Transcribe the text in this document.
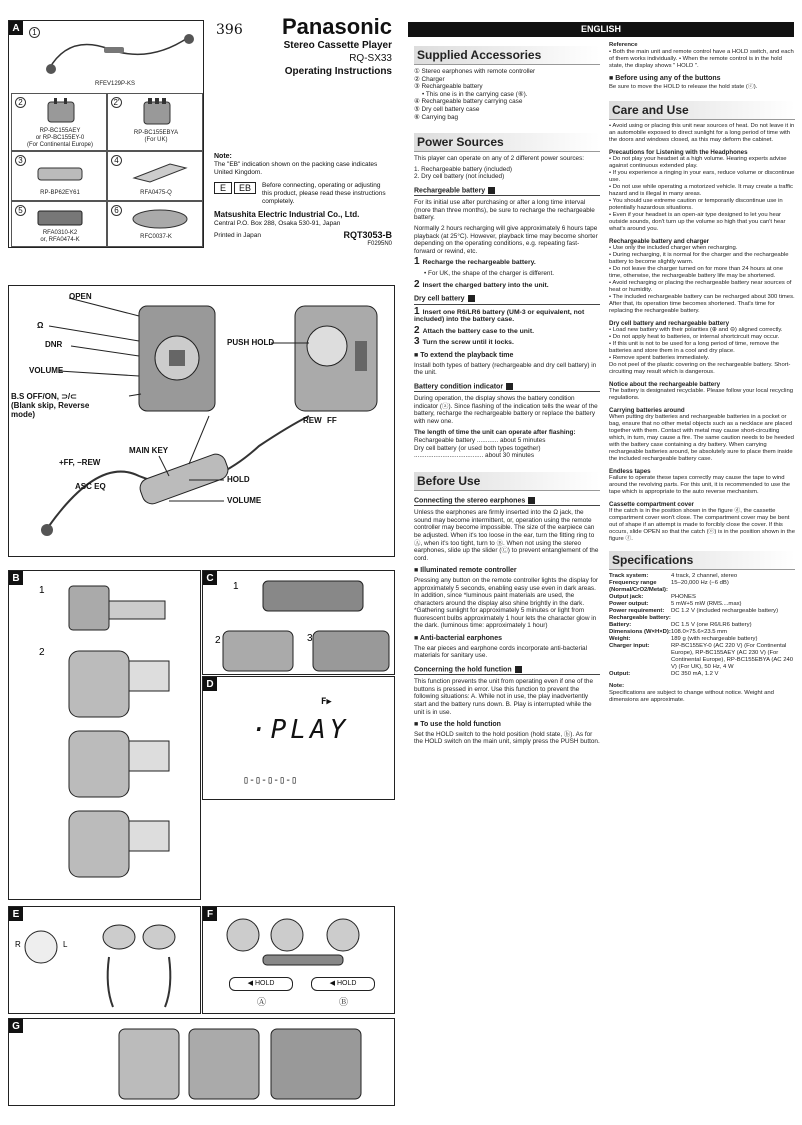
A	1
RFEV129P-KS
2
RP-BC155AEY
or RP-BC155EY-0
(For Continental Europe)
2'
RP-BC155EBYA
(For UK)
3
RP-BP62EY61
4
RFA0475-Q
5
RFA0310-K2
or, RFA0474-K
6
RFC0037-K
396	Panasonic
Stereo Cassette Player
RQ-SX33
Operating Instructions
Note:
The "EB" indication shown on the packing case indicates United Kingdom.
E	EB	Before connecting, operating or adjusting this product, please read these instructions completely.
Matsushita Electric Industrial Co., Ltd.
Central P.O. Box 288, Osaka 530-91, Japan
Printed in Japan	RQT3053-B
F0295N0
OPEN
Ω
DNR
VOLUME
B.S OFF/ON, ⊃/⊂
(Blank skip, Reverse
mode)
PUSH HOLD
REW FF
MAIN KEY
+FF, −REW
ASC EQ
HOLD
VOLUME
B
1
2
C
1
2	3
D
F▶
·PLAY
▯-▯-▯-▯-▯
E
R	L
F
◀ HOLD	◀ HOLD
Ⓐ	Ⓑ
G
ENGLISH
Supplied Accessories
① Stereo earphones with remote controller
② Charger
③ Rechargeable battery
• This one is in the carrying case (⑥).
④ Rechargeable battery carrying case
⑤ Dry cell battery case
⑥ Carrying bag
Power Sources

This player can operate on any of 2 different power sources:

1. Rechargeable battery (included)
2. Dry cell battery (not included)
Rechargeable battery

For its initial use after purchasing or after a long time interval (more than three months), be sure to recharge the rechargeable battery.

Normally 2 hours recharging will give approximately 6 hours tape playback (at 25°C). However, playback time may become shorter depending on the operating conditions, e.g. repeating fast-forward or rewind, etc.

1 Recharge the rechargeable battery.
• For UK, the shape of the charger is different.
2 Insert the charged battery into the unit.
Dry cell battery
1 Insert one R6/LR6 battery (UM-3 or equivalent, not included) into the battery case.
2 Attach the battery case to the unit.
3 Turn the screw until it locks.
■ To extend the playback time

Install both types of battery (rechargeable and dry cell battery) in the unit.

Battery condition indicator

During operation, the display shows the battery condition indicator (ⓐ). Since flashing of the indication tells the wear of the battery, recharge the rechargeable battery or replace the battery with new one.

The length of time the unit can operate after flashing:
Rechargeable battery ............ about 5 minutes
Dry cell battery (or used both types together)
....................................... about 30 minutes
Before Use
Connecting the stereo earphones

Unless the earphones are firmly inserted into the Ω jack, the sound may become intermittent, or, operation using the remote controller may become impossible. The size of the earpiece can be adjusted. When it's too loose in the ear, turn the fitting ring to Ⓐ, when it's too tight, turn to Ⓑ. When not using the stereo earphones, slide up the slider (Ⓒ) to prevent entanglement of the cord.

■ Illuminated remote controller

Pressing any button on the remote controller lights the display for approximately 5 seconds, enabling easy use even in dark areas. In addition, since *luminous paint materials are used, the characters around the display also shine brightly in the dark. *Gathering sunlight for approximately 5 minutes or light from fluorescent bulbs approximately 1 hour lets the character glow in the dark. (luminous time: approximately 1 hour)

■ Anti-bacterial earphones

The ear pieces and earphone cords incorporate anti-bacterial materials for sanitary use.

Concerning the hold function

This function prevents the unit from operating even if one of the buttons is pressed in error. Use this function to prevent the following situations: A. While not in use, the play inadvertently start and the battery runs down. B. Play is interrupted while the unit is in use.

■ To use the hold function

Set the HOLD switch to the hold position (hold state, ⓑ). As for the HOLD switch on the main unit, simply press the PUSH button.

Reference

• Both the main unit and remote control have a HOLD switch, and each of them works individually. • When the remote control is in the hold state, the display shows " HOLD ".

■ Before using any of the buttons

Be sure to move the HOLD to release the hold state (ⓒ).

Care and Use

• Avoid using or placing this unit near sources of heat. Do not leave it in an automobile exposed to direct sunlight for a long period of time with the doors and windows closed, as this may deform the cabinet.

Precautions for Listening with the Headphones
• Do not play your headset at a high volume. Hearing experts advise against continuous extended play.
• If you experience a ringing in your ears, reduce volume or discontinue use.
• Do not use while operating a motorized vehicle. It may create a traffic hazard and is illegal in many areas.
• You should use extreme caution or temporarily discontinue use in potentially hazardous situations.
• Even if your headset is an open-air type designed to let you hear outside sounds, don't turn up the volume so high that you can't hear what's around you.
Rechargeable battery and charger
• Use only the included charger when recharging.
• During recharging, it is normal for the charger and the rechargeable battery to become slightly warm.
• Do not leave the charger turned on for more than 24 hours at one time, otherwise, the rechargeable battery life may be shortened.
• Avoid recharging or placing the rechargeable battery near sources of heat or humidity.
• The included rechargeable battery can be recharged about 300 times. After that, its operation time becomes shortened. That's time for replacing the rechargeable battery.
Dry cell battery and rechargeable battery
• Load new battery with their polarities (⊕ and ⊖) aligned correctly.
• Do not apply heat to batteries, or internal shortcircuit may occur.
• If this unit is not to be used for a long period of time, remove the batteries and store them in a cool and dry place.
• Remove spent batteries immediately.

Do not peel of the plastic covering on the rechargeable battery. Short-circuiting may result which is dangerous.

Notice about the rechargeable battery

The battery is designated recyclable. Please follow your local recycling regulations.

Carrying batteries around

When putting dry batteries and rechargeable batteries in a pocket or bag, ensure that no other metal objects such as a necklace are placed together with them. Contact with metal may cause short-circuiting which, in turn, may cause a fire. The same caution needs to be heeded with the battery case containing a dry battery. When carrying rechargeable batteries around, be absolutely sure to place them inside the included rechargeable battery case.

Endless tapes

Failure to operate these tapes correctly may cause the tape to wind around the revolving parts. For this unit, it is recommended to use the tape which is appropriate to the auto reverse mechanism.

Cassette compartment cover

If the catch is in the position shown in the figure ⓓ, the cassette compartment cover won't close. The compartment cover may be bent out of shape if an attempt is made to forcibly close the cover. If this occurs, slide OPEN so that the catch (ⓔ) is in the position shown in the figure ⓕ.

Specifications
Track system:	4 track, 2 channel, stereo
Frequency range (Normal/CrO2/Metal):
15–20,000 Hz (−6 dB)
Output jack:	PHONES
Power output:	5 mW+5 mW (RMS....max)
Power requirement: Rechargeable battery:
DC 1.2 V (included rechargeable battery)
Battery:	DC 1.5 V (one R6/LR6 battery)
Dimensions (W×H×D): 108.0×75.6×23.5 mm
Weight:	189 g (with rechargeable battery)
Charger input:	RP-BC155EY-0 (AC 220 V) (For Continental Europe), RP-BC155AEY (AC 230 V) (For Continental Europe), RP-BC155EBYA (AC 240 V) (For UK), 50 Hz, 4 W
Output:	DC 350 mA, 1.2 V
Note:

Specifications are subject to change without notice. Weight and dimensions are approximate.
